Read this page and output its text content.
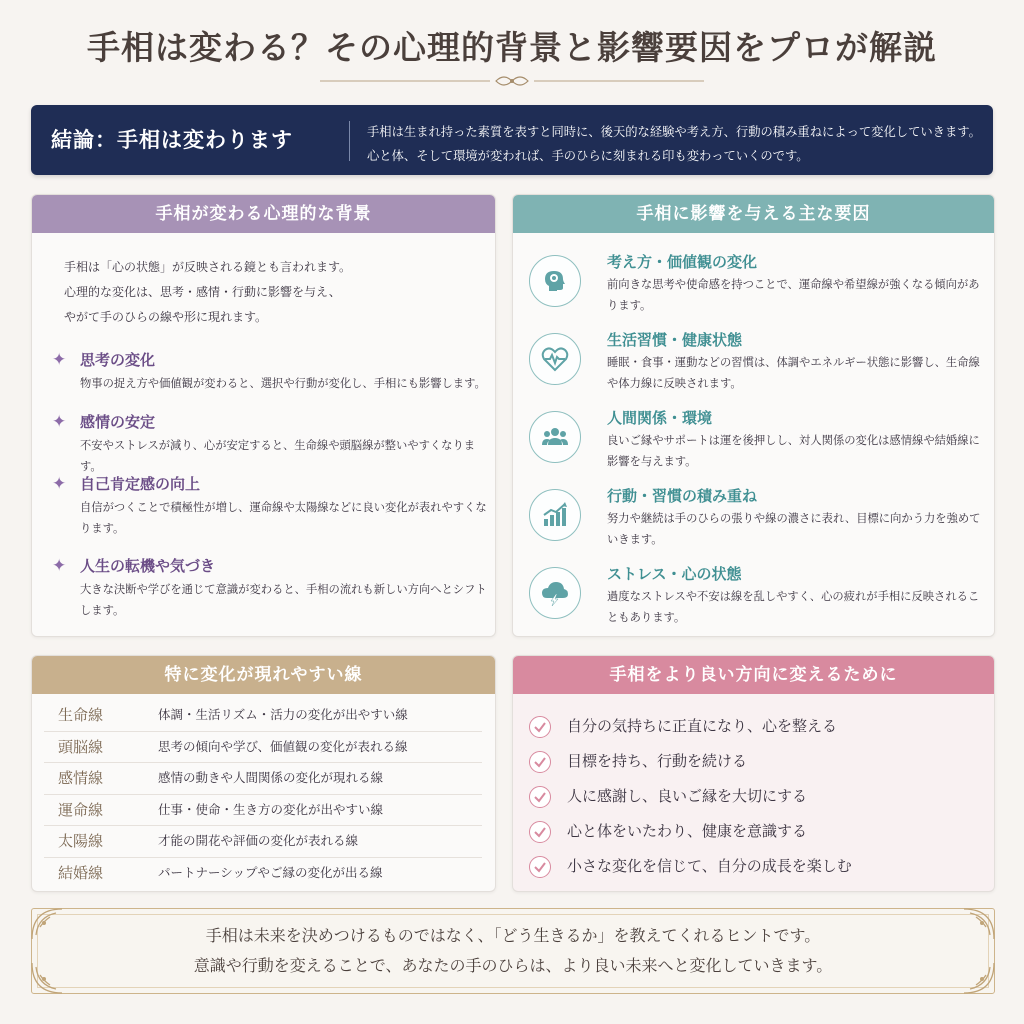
手相は変わる？その心理的背景と影響要因をプロが解説
結論：手相は変わります	手相は生まれ持った素質を表すと同時に、後天的な経験や考え方、行動の積み重ねによって変化していきます。
心と体、そして環境が変われば、手のひらに刻まれる印も変わっていくのです。
手相が変わる心理的な背景
手相は「心の状態」が反映される鏡とも言われます。
心理的な変化は、思考・感情・行動に影響を与え、
やがて手のひらの線や形に現れます。
✦ 思考の変化
物事の捉え方や価値観が変わると、選択や行動が変化し、手相にも影響します。
✦ 感情の安定
不安やストレスが減り、心が安定すると、生命線や頭脳線が整いやすくなります。
✦ 自己肯定感の向上
自信がつくことで積極性が増し、運命線や太陽線などに良い変化が表れやすくなります。
✦ 人生の転機や気づき
大きな決断や学びを通じて意識が変わると、手相の流れも新しい方向へとシフトします。
手相に影響を与える主な要因
考え方・価値観の変化
前向きな思考や使命感を持つことで、運命線や希望線が強くなる傾向があります。
生活習慣・健康状態
睡眠・食事・運動などの習慣は、体調やエネルギー状態に影響し、生命線や体力線に反映されます。
人間関係・環境
良いご縁やサポートは運を後押しし、対人関係の変化は感情線や結婚線に影響を与えます。
行動・習慣の積み重ね
努力や継続は手のひらの張りや線の濃さに表れ、目標に向かう力を強めていきます。
ストレス・心の状態
過度なストレスや不安は線を乱しやすく、心の疲れが手相に反映されることもあります。
特に変化が現れやすい線
生命線	体調・生活リズム・活力の変化が出やすい線
頭脳線	思考の傾向や学び、価値観の変化が表れる線
感情線	感情の動きや人間関係の変化が現れる線
運命線	仕事・使命・生き方の変化が出やすい線
太陽線	才能の開花や評価の変化が表れる線
結婚線	パートナーシップやご縁の変化が出る線
手相をより良い方向に変えるために
自分の気持ちに正直になり、心を整える
目標を持ち、行動を続ける
人に感謝し、良いご縁を大切にする
心と体をいたわり、健康を意識する
小さな変化を信じて、自分の成長を楽しむ
手相は未来を決めつけるものではなく、「どう生きるか」を教えてくれるヒントです。
意識や行動を変えることで、あなたの手のひらは、より良い未来へと変化していきます。
